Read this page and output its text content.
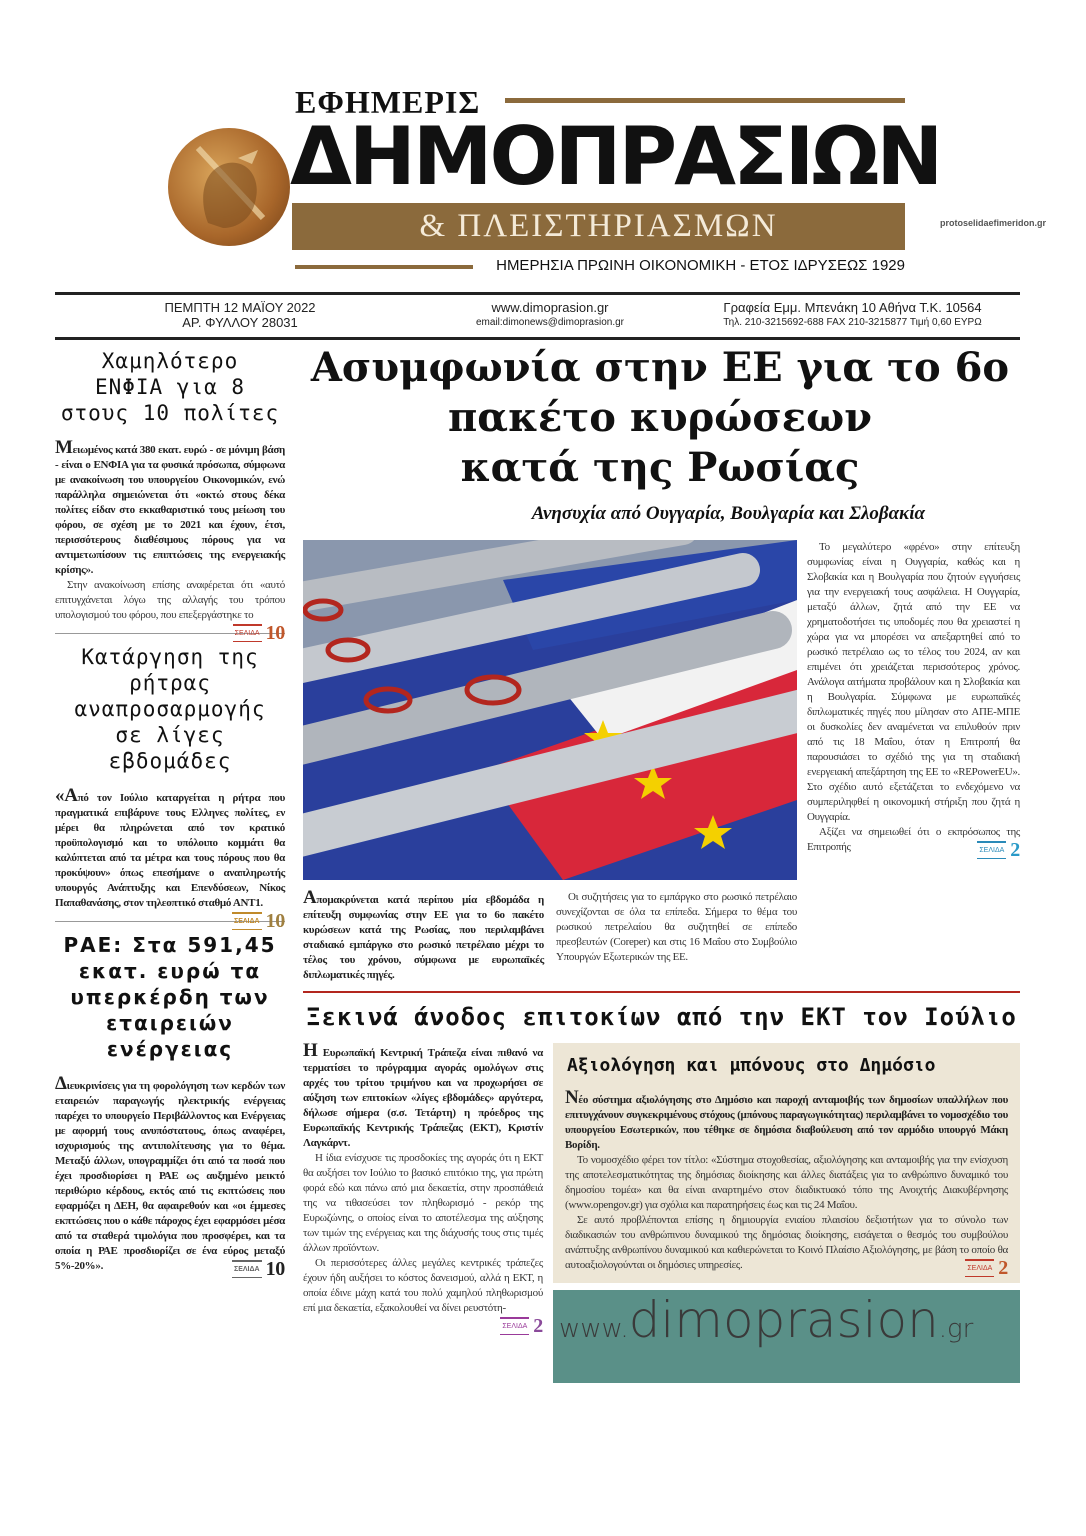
ΕΦΗΜΕΡΙΣ
ΔΗΜΟΠΡΑΣΙΩΝ
& ΠΛΕΙΣΤΗΡΙΑΣΜΩΝ
ΗΜΕΡΗΣΙΑ ΠΡΩΙΝΗ ΟΙΚΟΝΟΜΙΚΗ - ΕΤΟΣ ΙΔΡΥΣΕΩΣ 1929
protoselidaefimeridon.gr
ΠΕΜΠΤΗ 12 ΜΑΪΟΥ 2022
ΑΡ. ΦΥΛΛΟΥ 28031
www.dimoprasion.gr
email:dimonews@dimoprasion.gr
Γραφεία Εμμ. Μπενάκη 10 Αθήνα Τ.Κ. 10564
Τηλ. 210-3215692-688 FAX 210-3215877 Τιμή 0,60 ΕΥΡΩ
Χαμηλότερο
ΕΝΦΙΑ για 8
στους 10 πολίτες

Μειωμένος κατά 380 εκατ. ευρώ - σε μόνιμη βάση - είναι ο ΕΝΦΙΑ για τα φυσικά πρόσωπα, σύμφωνα με ανακοίνωση του υπουργείου Οικονομικών, ενώ παράλληλα σημειώνεται ότι «οκτώ στους δέκα πολίτες είδαν στο εκκαθαριστικό τους μείωση του φόρου, σε σχέση με το 2021 και έχουν, έτσι, περισσότερους διαθέσιμους πόρους για να αντιμετωπίσουν τις επιπτώσεις της ενεργειακής κρίσης».

Στην ανακοίνωση επίσης αναφέρεται ότι «αυτό επιτυγχάνεται λόγω της αλλαγής του τρόπου υπολογισμού του φόρου, που επεξεργάστηκε το
ΣΕΛΙΔΑ 10

Κατάργηση της
ρήτρας
αναπροσαρμογής
σε λίγες
εβδομάδες

«Από τον Ιούλιο καταργείται η ρήτρα που πραγματικά επιβάρυνε τους Ελληνες πολίτες, εν μέρει θα πληρώνεται από τον κρατικό προϋπολογισμό και το υπόλοιπο κομμάτι θα καλύπτεται από τα μέτρα και τους πόρους που θα προκύψουν» όπως επεσήμανε ο αναπληρωτής υπουργός Ανάπτυξης και Επενδύσεων, Νίκος Παπαθανάσης, στον τηλεοπτικό σταθμό ΑΝΤ1.
ΣΕΛΙΔΑ 10

ΡΑΕ: Στα 591,45
εκατ. ευρώ τα
υπερκέρδη των
εταιρειών
ενέργειας

Διευκρινίσεις για τη φορολόγηση των κερδών των εταιρειών παραγωγής ηλεκτρικής ενέργειας παρέχει το υπουργείο Περιβάλλοντος και Ενέργειας με αφορμή τους ανυπόστατους, όπως αναφέρει, ισχυρισμούς της αντιπολίτευσης για το θέμα. Μεταξύ άλλων, υπογραμμίζει ότι από τα ποσά που έχει προσδιορίσει η ΡΑΕ ως αυξημένο μεικτό περιθώριο κέρδους, εκτός από τις εκπτώσεις που εφαρμόζει η ΔΕΗ, θα αφαιρεθούν και «οι έμμεσες εκπτώσεις που ο κάθε πάροχος έχει εφαρμόσει μέσα από τα σταθερά τιμολόγια που προσφέρει, και τα οποία η ΡΑΕ προσδιορίζει σε ένα εύρος μεταξύ 5%-20%».	ΣΕΛΙΔΑ 10

Ασυμφωνία στην ΕΕ για το 6ο
πακέτο κυρώσεων
κατά της Ρωσίας
Ανησυχία από Ουγγαρία, Βουλγαρία και Σλοβακία

Απομακρύνεται κατά περίπου μία εβδομάδα η επίτευξη συμφωνίας στην ΕΕ για το 6ο πακέτο κυρώσεων κατά της Ρωσίας, που περιλαμβάνει σταδιακό εμπάργκο στο ρωσικό πετρέλαιο μέχρι το τέλος του χρόνου, σύμφωνα με ευρωπαϊκές διπλωματικές πηγές.

Οι συζητήσεις για το εμπάργκο στο ρωσικό πετρέλαιο συνεχίζονται σε όλα τα επίπεδα. Σήμερα το θέμα του ρωσικού πετρελαίου θα συζητηθεί σε επίπεδο πρεσβευτών (Coreper) και στις 16 Μαΐου στο Συμβούλιο Υπουργών Εξωτερικών της ΕΕ.

Το μεγαλύτερο «φρένο» στην επίτευξη συμφωνίας είναι η Ουγγαρία, καθώς και η Σλοβακία και η Βουλγαρία που ζητούν εγγυήσεις για την ενεργειακή τους ασφάλεια. Η Ουγγαρία, μεταξύ άλλων, ζητά από την ΕΕ να χρηματοδοτήσει τις υποδομές που θα χρειαστεί η χώρα για να μπορέσει να απεξαρτηθεί από το ρωσικό πετρέλαιο ως το τέλος του 2024, αν και επιμένει ότι χρειάζεται περισσότερος χρόνος. Ανάλογα αιτήματα προβάλουν και η Σλοβακία και η Βουλγαρία. Σύμφωνα με ευρωπαϊκές διπλωματικές πηγές που μίλησαν στο ΑΠΕ-ΜΠΕ οι δυσκολίες δεν αναμένεται να επιλυθούν πριν από τις 18 Μαΐου, όταν η Επιτροπή θα παρουσιάσει το σχέδιό της για τη σταδιακή ενεργειακή απεξάρτηση της ΕΕ το «REPowerEU». Στο σχέδιο αυτό εξετάζεται το ενδεχόμενο να συμπεριληφθεί η οικονομική στήριξη που ζητά η Ουγγαρία.

Αξίζει να σημειωθεί ότι ο εκπρόσωπος της Επιτροπής	ΣΕΛΙΔΑ 2

Ξεκινά άνοδος επιτοκίων από την ΕΚΤ τον Ιούλιο

Η Ευρωπαϊκή Κεντρική Τράπεζα είναι πιθανό να τερματίσει το πρόγραμμα αγοράς ομολόγων στις αρχές του τρίτου τριμήνου και να προχωρήσει σε αύξηση των επιτοκίων «λίγες εβδομάδες» αργότερα, δήλωσε σήμερα (σ.σ. Τετάρτη) η πρόεδρος της Ευρωπαϊκής Κεντρικής Τράπεζας (ΕΚΤ), Κριστίν Λαγκάρντ.

Η ίδια ενίσχυσε τις προσδοκίες της αγοράς ότι η ΕΚΤ θα αυξήσει τον Ιούλιο το βασικό επιτόκιο της, για πρώτη φορά εδώ και πάνω από μια δεκαετία, στην προσπάθειά της να τιθασεύσει τον πληθωρισμό - ρεκόρ της Ευρωζώνης, ο οποίος είναι το αποτέλεσμα της αύξησης των τιμών της ενέργειας και της διάχυσής τους στις τιμές άλλων προϊόντων.

Οι περισσότερες άλλες μεγάλες κεντρικές τράπεζες έχουν ήδη αυξήσει το κόστος δανεισμού, αλλά η ΕΚΤ, η οποία έδινε μάχη κατά του πολύ χαμηλού πληθωρισμού επί μια δεκαετία, εξακολουθεί να δίνει ρευστότη-
ΣΕΛΙΔΑ 2

Αξιολόγηση και μπόνους στο Δημόσιο

Νέο σύστημα αξιολόγησης στο Δημόσιο και παροχή ανταμοιβής των δημοσίων υπαλλήλων που επιτυγχάνουν συγκεκριμένους στόχους (μπόνους παραγωγικότητας) περιλαμβάνει το νομοσχέδιο του υπουργείου Εσωτερικών, που τέθηκε σε δημόσια διαβούλευση από τον αρμόδιο υπουργό Μάκη Βορίδη.

Το νομοσχέδιο φέρει τον τίτλο: «Σύστημα στοχοθεσίας, αξιολόγησης και ανταμοιβής για την ενίσχυση της αποτελεσματικότητας της δημόσιας διοίκησης και άλλες διατάξεις για το ανθρώπινο δυναμικό του δημοσίου τομέα» και θα είναι αναρτημένο στον διαδικτυακό τόπο της Ανοιχτής Διακυβέρνησης (www.opengov.gr) για σχόλια και παρατηρήσεις έως και τις 24 Μαΐου.

Σε αυτό προβλέπονται επίσης η δημιουργία ενιαίου πλαισίου δεξιοτήτων για το σύνολο των διαδικασιών του ανθρώπινου δυναμικού της δημόσιας διοίκησης, εισάγεται ο θεσμός του συμβούλου ανάπτυξης ανθρωπίνου δυναμικού και καθιερώνεται το Κοινό Πλαίσιο Αξιολόγησης, με βάση το οποίο θα αυτοαξιολογούνται οι δημόσιες υπηρεσίες.	ΣΕΛΙΔΑ 2

www.dimoprasion.gr
